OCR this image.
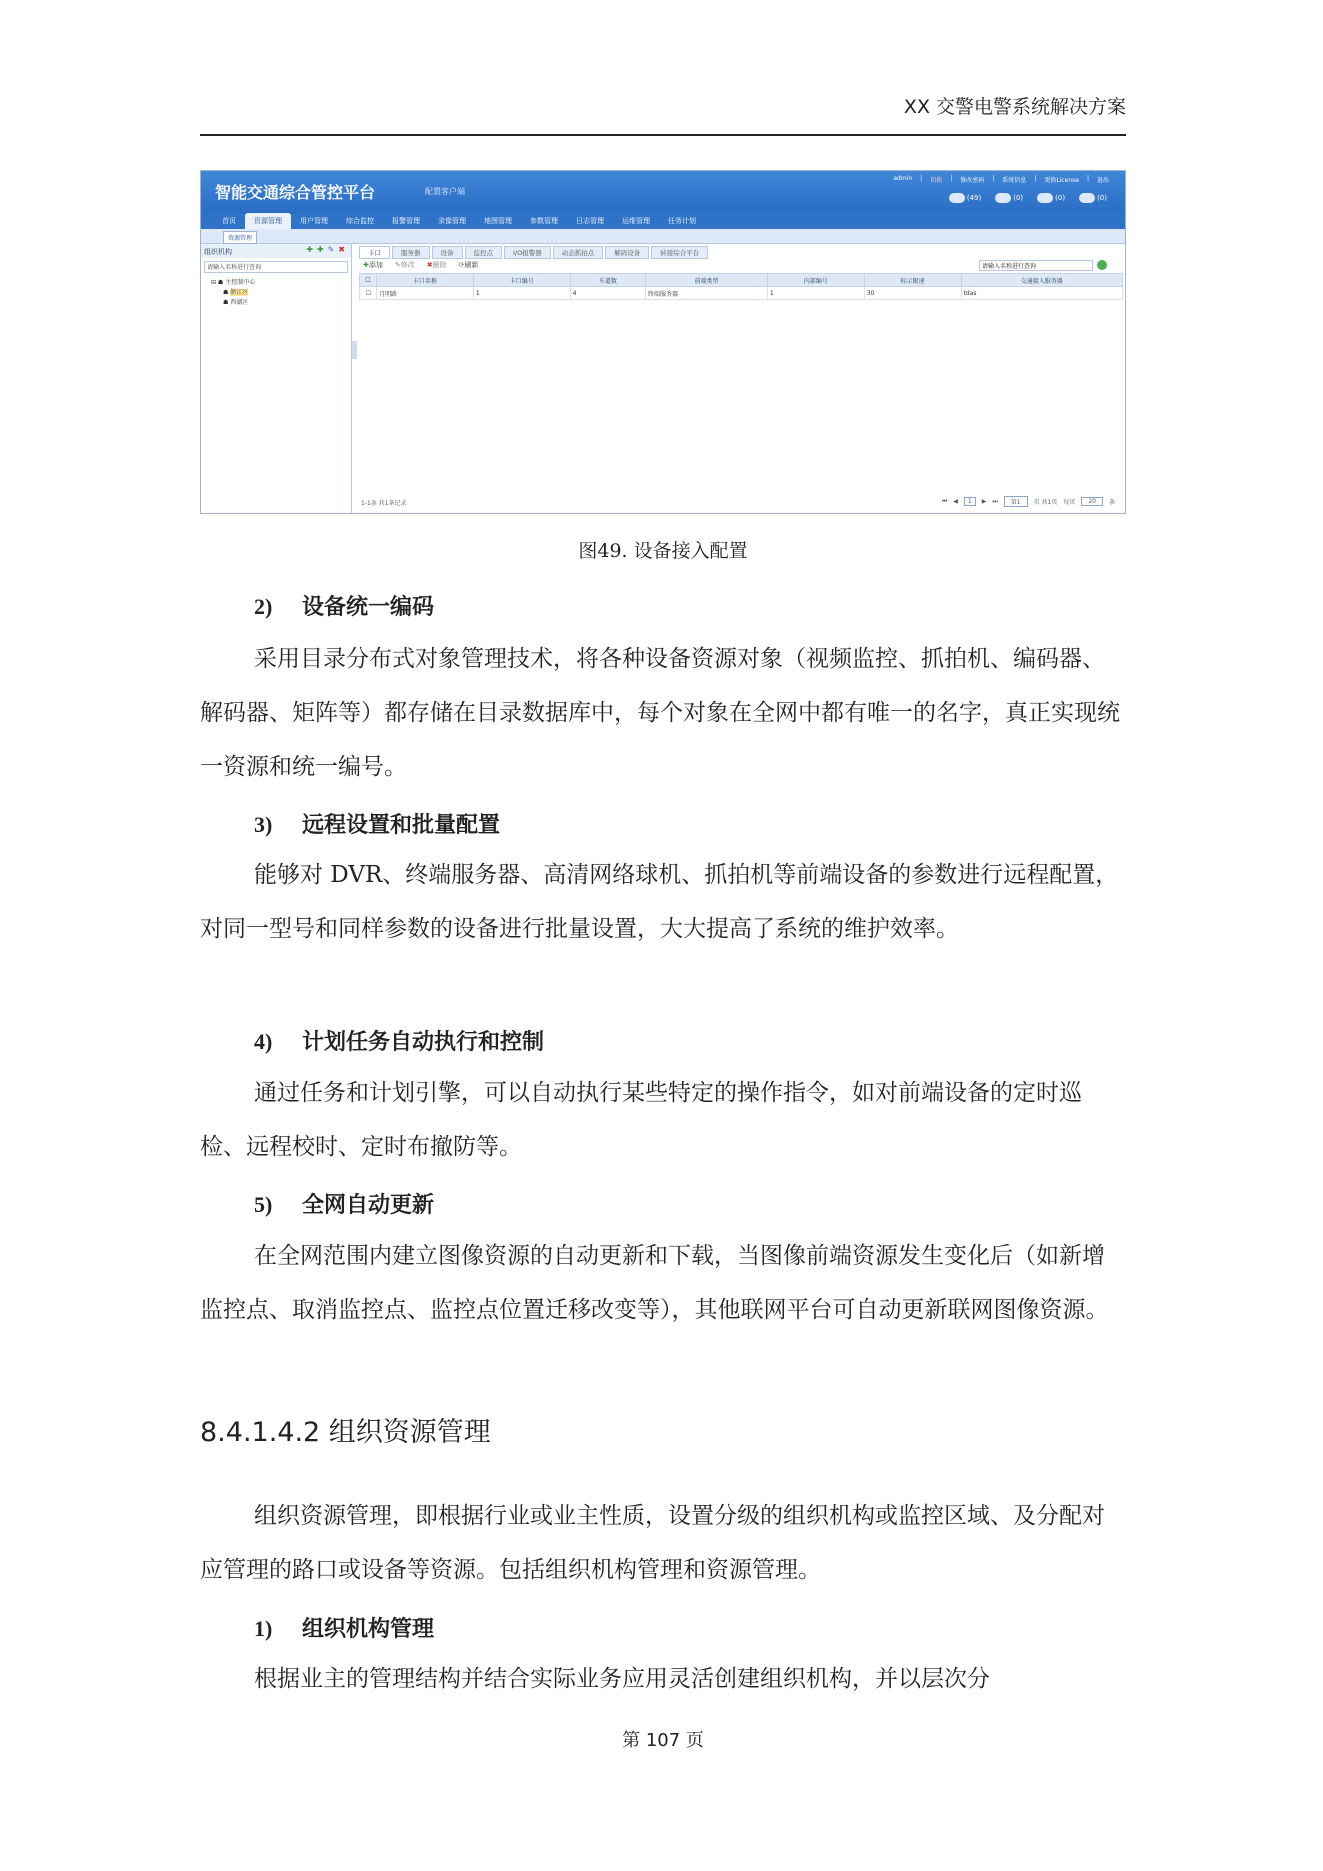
XX 交警电警系统解决方案
智能交通综合管控平台	配置客户端
admin | 切换 | 修改密码 | 系统信息 | 更换License | 退出
(49)	(0)	(0)	(0)
首页	资源管理	用户管理	综合监控	报警管理	录像管理	地图管理	参数管理	日志管理	运维管理	任务计划
资源管理
组织机构	✚ ✚ ✎ ✖
请输入名称进行查询
⊟ ☗ 主控制中心
☗ 浙江区
☗ 西湖区
卡口	服务器	设备	监控点	I/O报警器	动态抓拍点	解码设备	转接综合平台
✚添加 ✎修改 ✖删除 ⟳刷新	请输入名称进行查询
☐	卡口名称	卡口编号	车道数	前端类型	内部编号	标示限速	交通接入服务器
☐	月明路	1	4	终端服务器	1	30	tdas
1-1条 共1条记录	⏮ ◀	1	▶ ⏭	第1	页 共1页 每页	20	条
图49. 设备接入配置
2) 设备统一编码
采用目录分布式对象管理技术，将各种设备资源对象（视频监控、抓拍机、编码器、解码器、矩阵等）都存储在目录数据库中，每个对象在全网中都有唯一的名字，真正实现统一资源和统一编号。
3) 远程设置和批量配置
能够对 DVR、终端服务器、高清网络球机、抓拍机等前端设备的参数进行远程配置，对同一型号和同样参数的设备进行批量设置，大大提高了系统的维护效率。
4) 计划任务自动执行和控制
通过任务和计划引擎，可以自动执行某些特定的操作指令，如对前端设备的定时巡检、远程校时、定时布撤防等。
5) 全网自动更新
在全网范围内建立图像资源的自动更新和下载，当图像前端资源发生变化后（如新增监控点、取消监控点、监控点位置迁移改变等），其他联网平台可自动更新联网图像资源。
8.4.1.4.2 组织资源管理
组织资源管理，即根据行业或业主性质，设置分级的组织机构或监控区域、及分配对应管理的路口或设备等资源。包括组织机构管理和资源管理。
1) 组织机构管理
根据业主的管理结构并结合实际业务应用灵活创建组织机构，并以层次分
第 107 页
